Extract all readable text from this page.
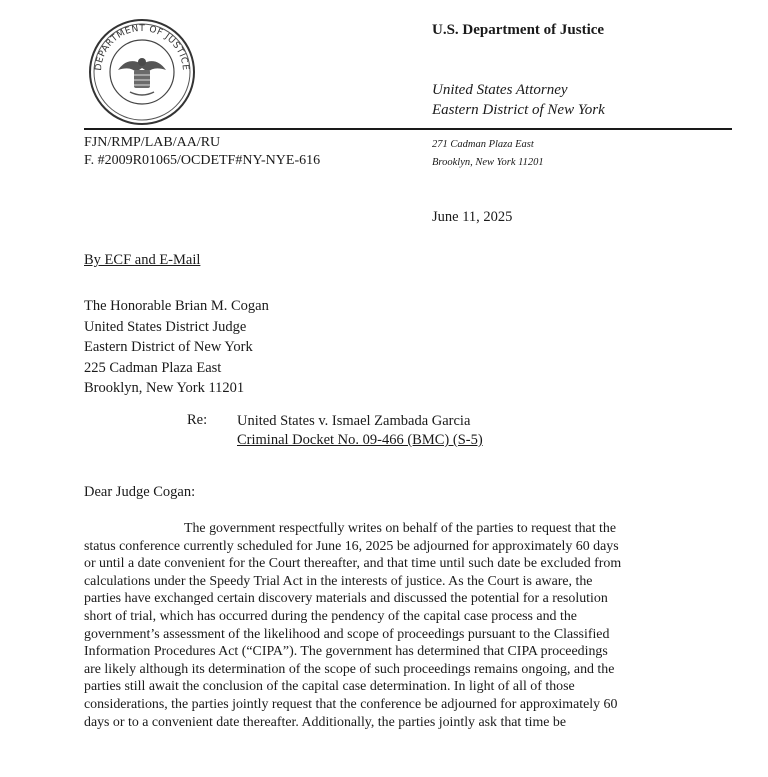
DEPARTMENT OF JUSTICE
U.S. Department of Justice
United States Attorney
Eastern District of New York
FJN/RMP/LAB/AA/RU
F. #2009R01065/OCDETF#NY-NYE-616
271 Cadman Plaza East
Brooklyn, New York 11201
June 11, 2025
By ECF and E-Mail
The Honorable Brian M. Cogan
United States District Judge
Eastern District of New York
225 Cadman Plaza East
Brooklyn, New York 11201
Re: United States v. Ismael Zambada Garcia
Criminal Docket No. 09-466 (BMC) (S-5)
Dear Judge Cogan:
The government respectfully writes on behalf of the parties to request that the
status conference currently scheduled for June 16, 2025 be adjourned for approximately 60 days
or until a date convenient for the Court thereafter, and that time until such date be excluded from
calculations under the Speedy Trial Act in the interests of justice. As the Court is aware, the
parties have exchanged certain discovery materials and discussed the potential for a resolution
short of trial, which has occurred during the pendency of the capital case process and the
government’s assessment of the likelihood and scope of proceedings pursuant to the Classified
Information Procedures Act (“CIPA”). The government has determined that CIPA proceedings
are likely although its determination of the scope of such proceedings remains ongoing, and the
parties still await the conclusion of the capital case determination. In light of all of those
considerations, the parties jointly request that the conference be adjourned for approximately 60
days or to a convenient date thereafter. Additionally, the parties jointly ask that time be
